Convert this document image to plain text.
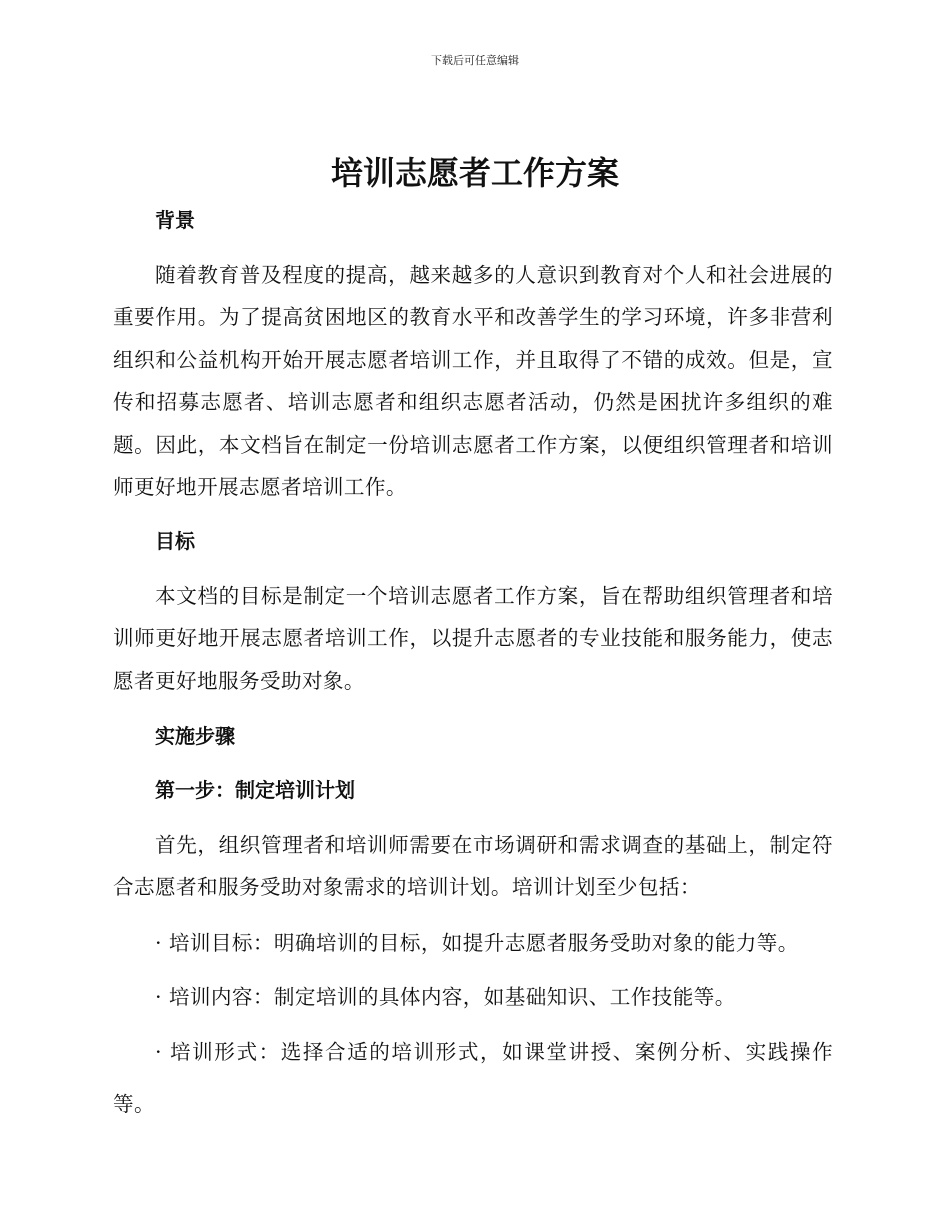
下载后可任意编辑
培训志愿者工作方案
背景

随着教育普及程度的提高，越来越多的人意识到教育对个人和社会进展的重要作用。为了提高贫困地区的教育水平和改善学生的学习环境，许多非营利组织和公益机构开始开展志愿者培训工作，并且取得了不错的成效。但是，宣传和招募志愿者、培训志愿者和组织志愿者活动，仍然是困扰许多组织的难题。因此，本文档旨在制定一份培训志愿者工作方案，以便组织管理者和培训师更好地开展志愿者培训工作。

目标

本文档的目标是制定一个培训志愿者工作方案，旨在帮助组织管理者和培训师更好地开展志愿者培训工作，以提升志愿者的专业技能和服务能力，使志愿者更好地服务受助对象。

实施步骤
第一步：制定培训计划

首先，组织管理者和培训师需要在市场调研和需求调查的基础上，制定符合志愿者和服务受助对象需求的培训计划。培训计划至少包括：

· 培训目标：明确培训的目标，如提升志愿者服务受助对象的能力等。

· 培训内容：制定培训的具体内容，如基础知识、工作技能等。

· 培训形式：选择合适的培训形式，如课堂讲授、案例分析、实践操作等。
